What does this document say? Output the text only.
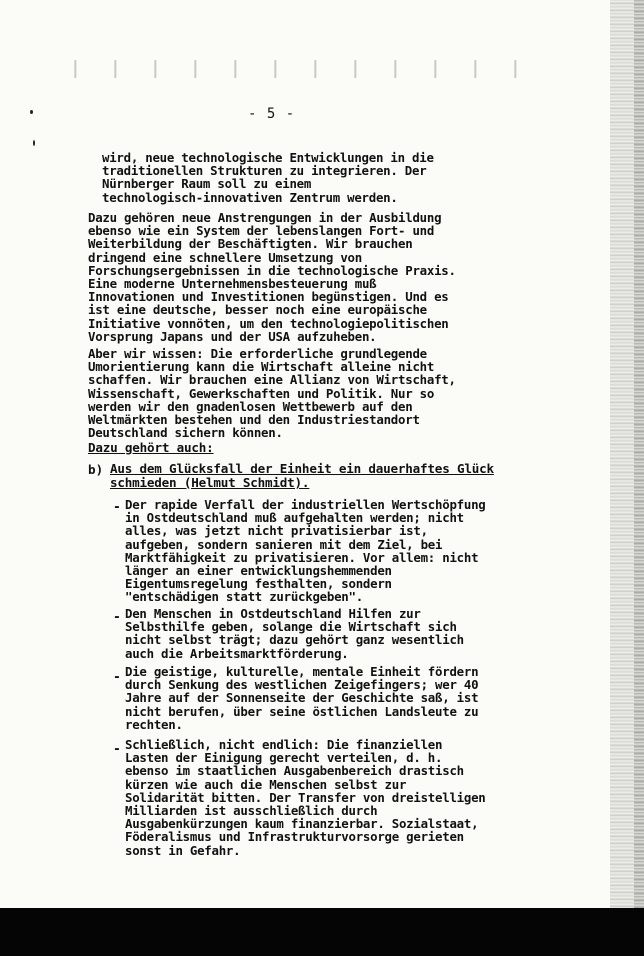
- 5 -
wird, neue technologische Entwicklungen in die
traditionellen Strukturen zu integrieren. Der
Nürnberger Raum soll zu einem
technologisch-innovativen Zentrum werden.
Dazu gehören neue Anstrengungen in der Ausbildung
ebenso wie ein System der lebenslangen Fort- und
Weiterbildung der Beschäftigten. Wir brauchen
dringend eine schnellere Umsetzung von
Forschungsergebnissen in die technologische Praxis.
Eine moderne Unternehmensbesteuerung muß
Innovationen und Investitionen begünstigen. Und es
ist eine deutsche, besser noch eine europäische
Initiative vonnöten, um den technologiepolitischen
Vorsprung Japans und der USA aufzuheben.
Aber wir wissen: Die erforderliche grundlegende
Umorientierung kann die Wirtschaft alleine nicht
schaffen. Wir brauchen eine Allianz von Wirtschaft,
Wissenschaft, Gewerkschaften und Politik. Nur so
werden wir den gnadenlosen Wettbewerb auf den
Weltmärkten bestehen und den Industriestandort
Deutschland sichern können.
Dazu gehört auch:
b) Aus dem Glücksfall der Einheit ein dauerhaftes Glück
schmieden (Helmut Schmidt).
- Der rapide Verfall der industriellen Wertschöpfung
in Ostdeutschland muß aufgehalten werden; nicht
alles, was jetzt nicht privatisierbar ist,
aufgeben, sondern sanieren mit dem Ziel, bei
Marktfähigkeit zu privatisieren. Vor allem: nicht
länger an einer entwicklungshemmenden
Eigentumsregelung festhalten, sondern
"entschädigen statt zurückgeben".
- Den Menschen in Ostdeutschland Hilfen zur
Selbsthilfe geben, solange die Wirtschaft sich
nicht selbst trägt; dazu gehört ganz wesentlich
auch die Arbeitsmarktförderung.
- Die geistige, kulturelle, mentale Einheit fördern
durch Senkung des westlichen Zeigefingers; wer 40
Jahre auf der Sonnenseite der Geschichte saß, ist
nicht berufen, über seine östlichen Landsleute zu
rechten.
- Schließlich, nicht endlich: Die finanziellen
Lasten der Einigung gerecht verteilen, d. h.
ebenso im staatlichen Ausgabenbereich drastisch
kürzen wie auch die Menschen selbst zur
Solidarität bitten. Der Transfer von dreistelligen
Milliarden ist ausschließlich durch
Ausgabenkürzungen kaum finanzierbar. Sozialstaat,
Föderalismus und Infrastrukturvorsorge gerieten
sonst in Gefahr.
